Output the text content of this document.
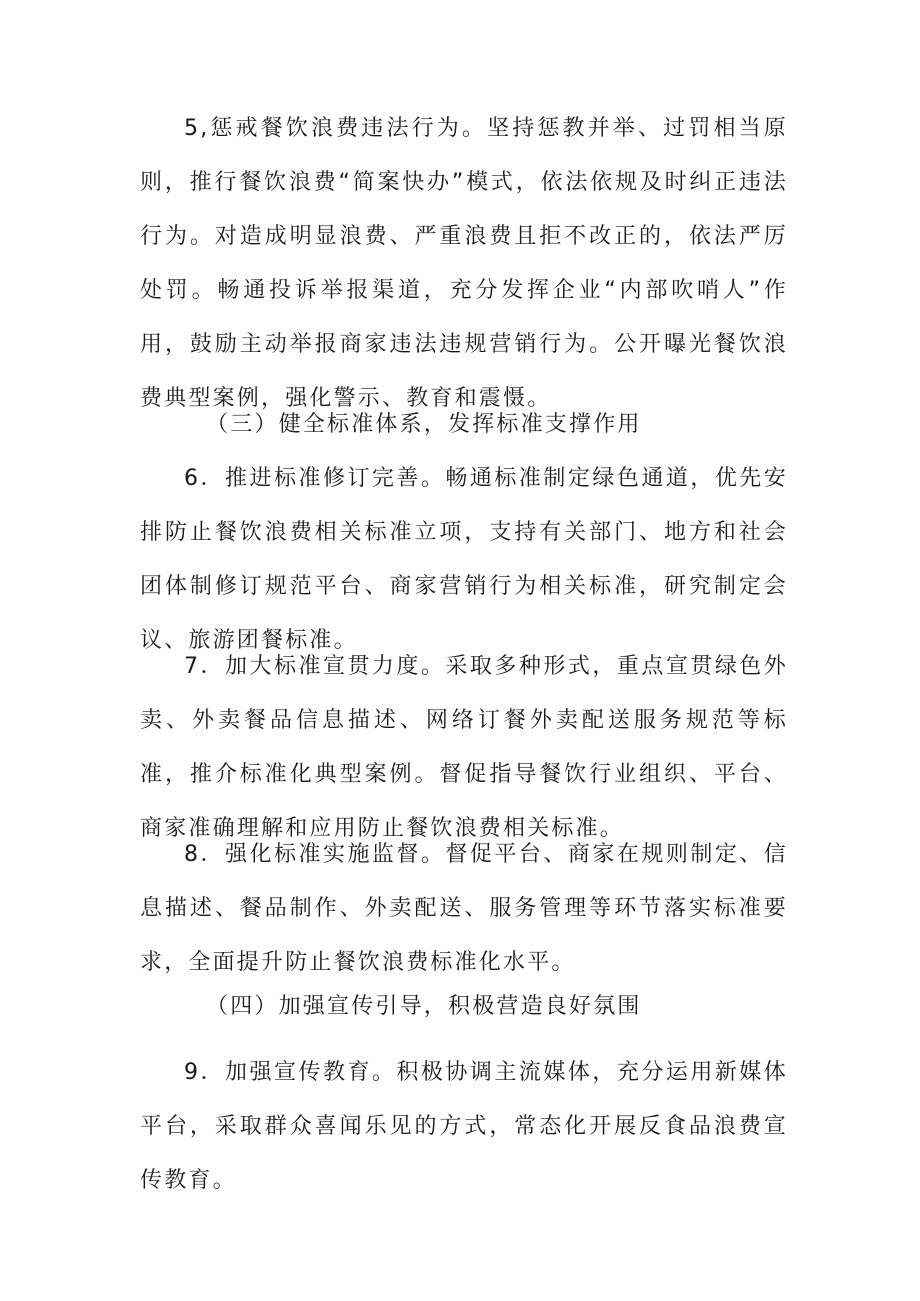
5,惩戒餐饮浪费违法行为。坚持惩教并举、过罚相当原则，推行餐饮浪费“简案快办”模式，依法依规及时纠正违法行为。对造成明显浪费、严重浪费且拒不改正的，依法严厉处罚。畅通投诉举报渠道，充分发挥企业“内部吹哨人”作用，鼓励主动举报商家违法违规营销行为。公开曝光餐饮浪费典型案例，强化警示、教育和震慑。

（三）健全标准体系，发挥标准支撑作用

6．推进标准修订完善。畅通标准制定绿色通道，优先安排防止餐饮浪费相关标准立项，支持有关部门、地方和社会团体制修订规范平台、商家营销行为相关标准，研究制定会议、旅游团餐标准。

7．加大标准宣贯力度。采取多种形式，重点宣贯绿色外卖、外卖餐品信息描述、网络订餐外卖配送服务规范等标准，推介标准化典型案例。督促指导餐饮行业组织、平台、商家准确理解和应用防止餐饮浪费相关标准。

8．强化标准实施监督。督促平台、商家在规则制定、信息描述、餐品制作、外卖配送、服务管理等环节落实标准要求，全面提升防止餐饮浪费标准化水平。

（四）加强宣传引导，积极营造良好氛围

9．加强宣传教育。积极协调主流媒体，充分运用新媒体平台，采取群众喜闻乐见的方式，常态化开展反食品浪费宣传教育。
